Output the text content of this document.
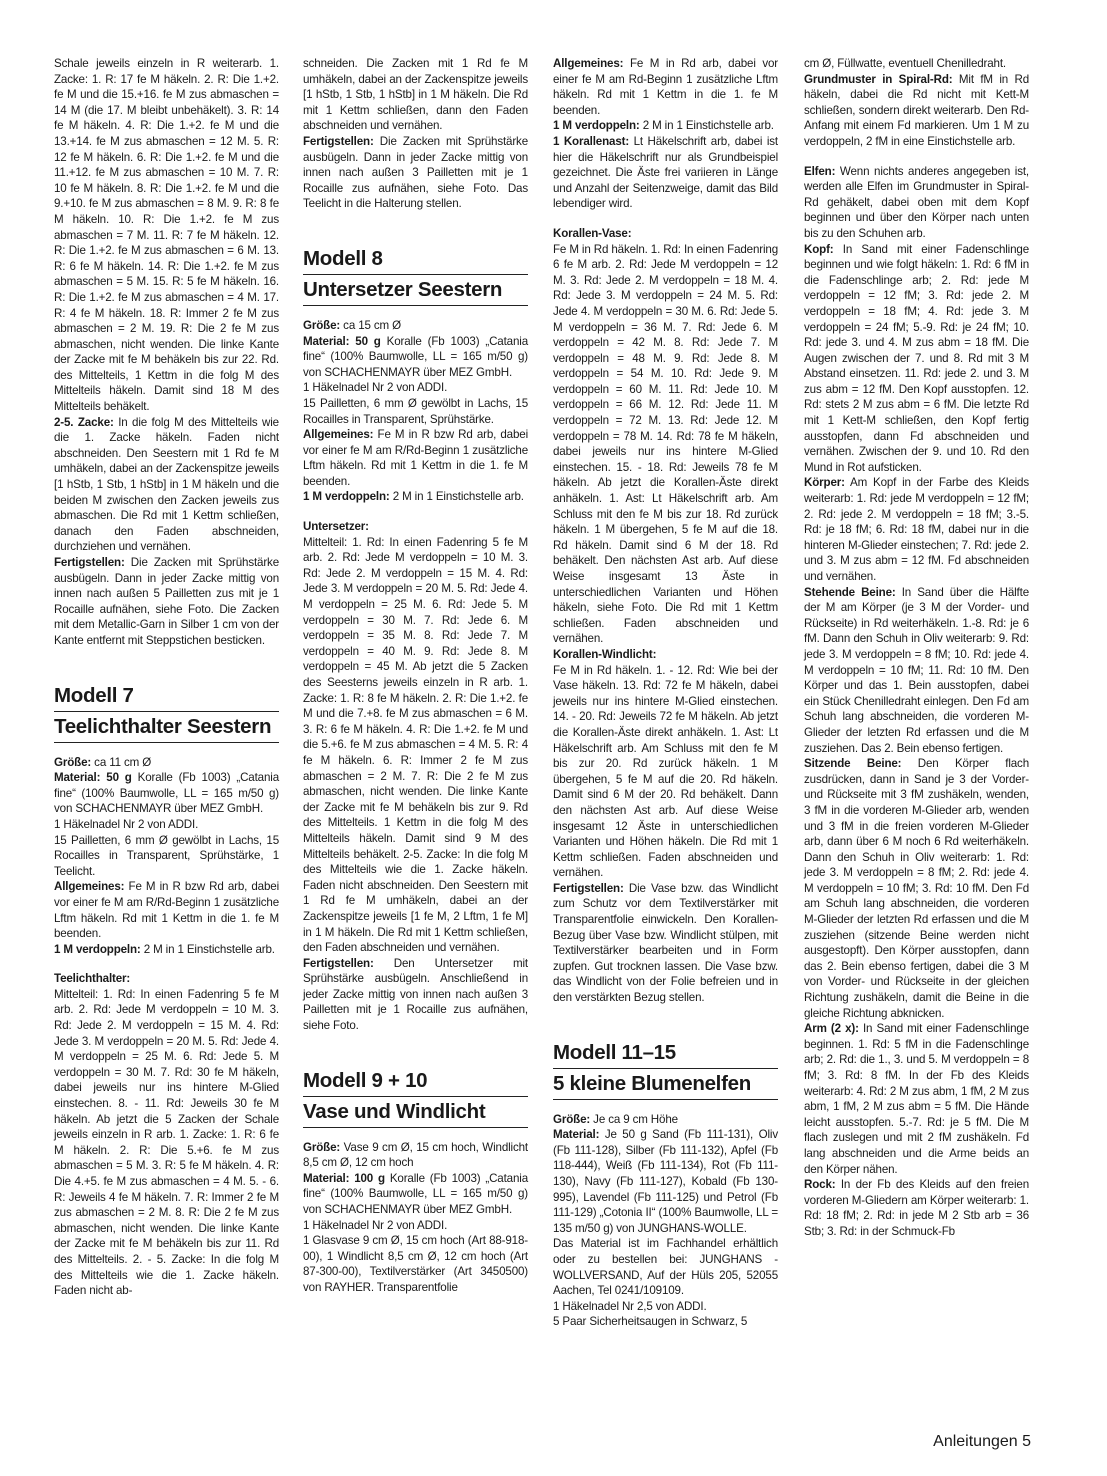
Schale jeweils einzeln in R weiterarb. 1. Zacke: 1. R: 17 fe M häkeln. 2. R: Die 1.+2. fe M und die 15.+16. fe M zus abmaschen = 14 M (die 17. M bleibt unbehäkelt). 3. R: 14 fe M häkeln. 4. R: Die 1.+2. fe M und die 13.+14. fe M zus abmaschen = 12 M. 5. R: 12 fe M häkeln. 6. R: Die 1.+2. fe M und die 11.+12. fe M zus abmaschen = 10 M. 7. R: 10 fe M häkeln. 8. R: Die 1.+2. fe M und die 9.+10. fe M zus abmaschen = 8 M. 9. R: 8 fe M häkeln. 10. R: Die 1.+2. fe M zus abmaschen = 7 M. 11. R: 7 fe M häkeln. 12. R: Die 1.+2. fe M zus abmaschen = 6 M. 13. R: 6 fe M häkeln. 14. R: Die 1.+2. fe M zus abmaschen = 5 M. 15. R: 5 fe M häkeln. 16. R: Die 1.+2. fe M zus abmaschen = 4 M. 17. R: 4 fe M häkeln. 18. R: Immer 2 fe M zus abmaschen = 2 M. 19. R: Die 2 fe M zus abmaschen, nicht wenden. Die linke Kante der Zacke mit fe M behäkeln bis zur 22. Rd. des Mittelteils, 1 Kettm in die folg M des Mittelteils häkeln. Damit sind 18 M des Mittelteils behäkelt.

2-5. Zacke: In die folg M des Mittelteils wie die 1. Zacke häkeln. Faden nicht abschneiden. Den Seestern mit 1 Rd fe M umhäkeln, dabei an der Zackenspitze jeweils [1 hStb, 1 Stb, 1 hStb] in 1 M häkeln und die beiden M zwischen den Zacken jeweils zus abmaschen. Die Rd mit 1 Kettm schließen, danach den Faden abschneiden, durchziehen und vernähen.

Fertigstellen: Die Zacken mit Sprühstärke ausbügeln. Dann in jeder Zacke mittig von innen nach außen 5 Pailletten zus mit je 1 Rocaille aufnähen, siehe Foto. Die Zacken mit dem Metallic-Garn in Silber 1 cm von der Kante entfernt mit Steppstichen besticken.

Modell 7
Teelichthalter Seestern

Größe: ca 11 cm Ø

Material: 50 g Koralle (Fb 1003) „Catania fine“ (100% Baumwolle, LL = 165 m/50 g) von SCHACHENMAYR über MEZ GmbH.

1 Häkelnadel Nr 2 von ADDI.

15 Pailletten, 6 mm Ø gewölbt in Lachs, 15 Rocailles in Transparent, Sprühstärke, 1 Teelicht.

Allgemeines: Fe M in R bzw Rd arb, dabei vor einer fe M am R/Rd-Beginn 1 zusätzliche Lftm häkeln. Rd mit 1 Kettm in die 1. fe M beenden.

1 M verdoppeln: 2 M in 1 Einstichstelle arb.

Teelichthalter:

Mittelteil: 1. Rd: In einen Fadenring 5 fe M arb. 2. Rd: Jede M verdoppeln = 10 M. 3. Rd: Jede 2. M verdoppeln = 15 M. 4. Rd: Jede 3. M verdoppeln = 20 M. 5. Rd: Jede 4. M verdoppeln = 25 M. 6. Rd: Jede 5. M verdoppeln = 30 M. 7. Rd: 30 fe M häkeln, dabei jeweils nur ins hintere M-Glied einstechen. 8. - 11. Rd: Jeweils 30 fe M häkeln. Ab jetzt die 5 Zacken der Schale jeweils einzeln in R arb. 1. Zacke: 1. R: 6 fe M häkeln. 2. R: Die 5.+6. fe M zus abmaschen = 5 M. 3. R: 5 fe M häkeln. 4. R: Die 4.+5. fe M zus abmaschen = 4 M. 5. - 6. R: Jeweils 4 fe M häkeln. 7. R: Immer 2 fe M zus abmaschen = 2 M. 8. R: Die 2 fe M zus abmaschen, nicht wenden. Die linke Kante der Zacke mit fe M behäkeln bis zur 11. Rd des Mittelteils. 2. - 5. Zacke: In die folg M des Mittelteils wie die 1. Zacke häkeln. Faden nicht ab-

schneiden. Die Zacken mit 1 Rd fe M umhäkeln, dabei an der Zackenspitze jeweils [1 hStb, 1 Stb, 1 hStb] in 1 M häkeln. Die Rd mit 1 Kettm schließen, dann den Faden abschneiden und vernähen.

Fertigstellen: Die Zacken mit Sprühstärke ausbügeln. Dann in jeder Zacke mittig von innen nach außen 3 Pailletten mit je 1 Rocaille zus aufnähen, siehe Foto. Das Teelicht in die Halterung stellen.

Modell 8
Untersetzer Seestern

Größe: ca 15 cm Ø

Material: 50 g Koralle (Fb 1003) „Catania fine“ (100% Baumwolle, LL = 165 m/50 g) von SCHACHENMAYR über MEZ GmbH.

1 Häkelnadel Nr 2 von ADDI.

15 Pailletten, 6 mm Ø gewölbt in Lachs, 15 Rocailles in Transparent, Sprühstärke.

Allgemeines: Fe M in R bzw Rd arb, dabei vor einer fe M am R/Rd-Beginn 1 zusätzliche Lftm häkeln. Rd mit 1 Kettm in die 1. fe M beenden.

1 M verdoppeln: 2 M in 1 Einstichstelle arb.

Untersetzer:

Mittelteil: 1. Rd: In einen Fadenring 5 fe M arb. 2. Rd: Jede M verdoppeln = 10 M. 3. Rd: Jede 2. M verdoppeln = 15 M. 4. Rd: Jede 3. M verdoppeln = 20 M. 5. Rd: Jede 4. M verdoppeln = 25 M. 6. Rd: Jede 5. M verdoppeln = 30 M. 7. Rd: Jede 6. M verdoppeln = 35 M. 8. Rd: Jede 7. M verdoppeln = 40 M. 9. Rd: Jede 8. M verdoppeln = 45 M. Ab jetzt die 5 Zacken des Seesterns jeweils einzeln in R arb. 1. Zacke: 1. R: 8 fe M häkeln. 2. R: Die 1.+2. fe M und die 7.+8. fe M zus abmaschen = 6 M. 3. R: 6 fe M häkeln. 4. R: Die 1.+2. fe M und die 5.+6. fe M zus abmaschen = 4 M. 5. R: 4 fe M häkeln. 6. R: Immer 2 fe M zus abmaschen = 2 M. 7. R: Die 2 fe M zus abmaschen, nicht wenden. Die linke Kante der Zacke mit fe M behäkeln bis zur 9. Rd des Mittelteils. 1 Kettm in die folg M des Mittelteils häkeln. Damit sind 9 M des Mittelteils behäkelt. 2-5. Zacke: In die folg M des Mittelteils wie die 1. Zacke häkeln. Faden nicht abschneiden. Den Seestern mit 1 Rd fe M umhäkeln, dabei an der Zackenspitze jeweils [1 fe M, 2 Lftm, 1 fe M] in 1 M häkeln. Die Rd mit 1 Kettm schließen, den Faden abschneiden und vernähen.

Fertigstellen: Den Untersetzer mit Sprühstärke ausbügeln. Anschließend in jeder Zacke mittig von innen nach außen 3 Pailletten mit je 1 Rocaille zus aufnähen, siehe Foto.

Modell 9 + 10
Vase und Windlicht

Größe: Vase 9 cm Ø, 15 cm hoch, Windlicht 8,5 cm Ø, 12 cm hoch

Material: 100 g Koralle (Fb 1003) „Catania fine“ (100% Baumwolle, LL = 165 m/50 g) von SCHACHENMAYR über MEZ GmbH.

1 Häkelnadel Nr 2 von ADDI.

1 Glasvase 9 cm Ø, 15 cm hoch (Art 88-918-00), 1 Windlicht 8,5 cm Ø, 12 cm hoch (Art 87-300-00), Textilverstärker (Art 3450500) von RAYHER. Transparentfolie

Allgemeines: Fe M in Rd arb, dabei vor einer fe M am Rd-Beginn 1 zusätzliche Lftm häkeln. Rd mit 1 Kettm in die 1. fe M beenden.

1 M verdoppeln: 2 M in 1 Einstichstelle arb.

1 Korallenast: Lt Häkelschrift arb, dabei ist hier die Häkelschrift nur als Grundbeispiel gezeichnet. Die Äste frei variieren in Länge und Anzahl der Seitenzweige, damit das Bild lebendiger wird.

Korallen-Vase:

Fe M in Rd häkeln. 1. Rd: In einen Fadenring 6 fe M arb. 2. Rd: Jede M verdoppeln = 12 M. 3. Rd: Jede 2. M verdoppeln = 18 M. 4. Rd: Jede 3. M verdoppeln = 24 M. 5. Rd: Jede 4. M verdoppeln = 30 M. 6. Rd: Jede 5. M verdoppeln = 36 M. 7. Rd: Jede 6. M verdoppeln = 42 M. 8. Rd: Jede 7. M verdoppeln = 48 M. 9. Rd: Jede 8. M verdoppeln = 54 M. 10. Rd: Jede 9. M verdoppeln = 60 M. 11. Rd: Jede 10. M verdoppeln = 66 M. 12. Rd: Jede 11. M verdoppeln = 72 M. 13. Rd: Jede 12. M verdoppeln = 78 M. 14. Rd: 78 fe M häkeln, dabei jeweils nur ins hintere M-Glied einstechen. 15. - 18. Rd: Jeweils 78 fe M häkeln. Ab jetzt die Korallen-Äste direkt anhäkeln. 1. Ast: Lt Häkelschrift arb. Am Schluss mit den fe M bis zur 18. Rd zurück häkeln. 1 M übergehen, 5 fe M auf die 18. Rd häkeln. Damit sind 6 M der 18. Rd behäkelt. Den nächsten Ast arb. Auf diese Weise insgesamt 13 Äste in unterschiedlichen Varianten und Höhen häkeln, siehe Foto. Die Rd mit 1 Kettm schließen. Faden abschneiden und vernähen.

Korallen-Windlicht:

Fe M in Rd häkeln. 1. - 12. Rd: Wie bei der Vase häkeln. 13. Rd: 72 fe M häkeln, dabei jeweils nur ins hintere M-Glied einstechen. 14. - 20. Rd: Jeweils 72 fe M häkeln. Ab jetzt die Korallen-Äste direkt anhäkeln. 1. Ast: Lt Häkelschrift arb. Am Schluss mit den fe M bis zur 20. Rd zurück häkeln. 1 M übergehen, 5 fe M auf die 20. Rd häkeln. Damit sind 6 M der 20. Rd behäkelt. Dann den nächsten Ast arb. Auf diese Weise insgesamt 12 Äste in unterschiedlichen Varianten und Höhen häkeln. Die Rd mit 1 Kettm schließen. Faden abschneiden und vernähen.

Fertigstellen: Die Vase bzw. das Windlicht zum Schutz vor dem Textilverstärker mit Transparentfolie einwickeln. Den Korallen-Bezug über Vase bzw. Windlicht stülpen, mit Textilverstärker bearbeiten und in Form zupfen. Gut trocknen lassen. Die Vase bzw. das Windlicht von der Folie befreien und in den verstärkten Bezug stellen.

Modell 11–15
5 kleine Blumenelfen

Größe: Je ca 9 cm Höhe

Material: Je 50 g Sand (Fb 111-131), Oliv (Fb 111-128), Silber (Fb 111-132), Apfel (Fb 118-444), Weiß (Fb 111-134), Rot (Fb 111-130), Navy (Fb 111-127), Kobald (Fb 130-995), Lavendel (Fb 111-125) und Petrol (Fb 111-129) „Cotonia II“ (100% Baumwolle, LL = 135 m/50 g) von JUNGHANS-WOLLE.

Das Material ist im Fachhandel erhältlich oder zu bestellen bei: JUNGHANS -WOLLVERSAND, Auf der Hüls 205, 52055 Aachen, Tel 0241/109109.

1 Häkelnadel Nr 2,5 von ADDI.

5 Paar Sicherheitsaugen in Schwarz, 5

cm Ø, Füllwatte, eventuell Chenilledraht.

Grundmuster in Spiral-Rd: Mit fM in Rd häkeln, dabei die Rd nicht mit Kett-M schließen, sondern direkt weiterarb. Den Rd-Anfang mit einem Fd markieren. Um 1 M zu verdoppeln, 2 fM in eine Einstichstelle arb.

Elfen: Wenn nichts anderes angegeben ist, werden alle Elfen im Grundmuster in Spiral-Rd gehäkelt, dabei oben mit dem Kopf beginnen und über den Körper nach unten bis zu den Schuhen arb.

Kopf: In Sand mit einer Fadenschlinge beginnen und wie folgt häkeln: 1. Rd: 6 fM in die Fadenschlinge arb; 2. Rd: jede M verdoppeln = 12 fM; 3. Rd: jede 2. M verdoppeln = 18 fM; 4. Rd: jede 3. M verdoppeln = 24 fM; 5.-9. Rd: je 24 fM; 10. Rd: jede 3. und 4. M zus abm = 18 fM. Die Augen zwischen der 7. und 8. Rd mit 3 M Abstand einsetzen. 11. Rd: jede 2. und 3. M zus abm = 12 fM. Den Kopf ausstopfen. 12. Rd: stets 2 M zus abm = 6 fM. Die letzte Rd mit 1 Kett-M schließen, den Kopf fertig ausstopfen, dann Fd abschneiden und vernähen. Zwischen der 9. und 10. Rd den Mund in Rot aufsticken.

Körper: Am Kopf in der Farbe des Kleids weiterarb: 1. Rd: jede M verdoppeln = 12 fM; 2. Rd: jede 2. M verdoppeln = 18 fM; 3.-5. Rd: je 18 fM; 6. Rd: 18 fM, dabei nur in die hinteren M-Glieder einstechen; 7. Rd: jede 2. und 3. M zus abm = 12 fM. Fd abschneiden und vernähen.

Stehende Beine: In Sand über die Hälfte der M am Körper (je 3 M der Vorder- und Rückseite) in Rd weiterhäkeln. 1.-8. Rd: je 6 fM. Dann den Schuh in Oliv weiterarb: 9. Rd: jede 3. M verdoppeln = 8 fM; 10. Rd: jede 4. M verdoppeln = 10 fM; 11. Rd: 10 fM. Den Körper und das 1. Bein ausstopfen, dabei ein Stück Chenilledraht einlegen. Den Fd am Schuh lang abschneiden, die vorderen M-Glieder der letzten Rd erfassen und die M zusziehen. Das 2. Bein ebenso fertigen.

Sitzende Beine: Den Körper flach zusdrücken, dann in Sand je 3 der Vorder- und Rückseite mit 3 fM zushäkeln, wenden, 3 fM in die vorderen M-Glieder arb, wenden und 3 fM in die freien vorderen M-Glieder arb, dann über 6 M noch 6 Rd weiterhäkeln. Dann den Schuh in Oliv weiterarb: 1. Rd: jede 3. M verdoppeln = 8 fM; 2. Rd: jede 4. M verdoppeln = 10 fM; 3. Rd: 10 fM. Den Fd am Schuh lang abschneiden, die vorderen M-Glieder der letzten Rd erfassen und die M zusziehen (sitzende Beine werden nicht ausgestopft). Den Körper ausstopfen, dann das 2. Bein ebenso fertigen, dabei die 3 M von Vorder- und Rückseite in der gleichen Richtung zushäkeln, damit die Beine in die gleiche Richtung abknicken.

Arm (2 x): In Sand mit einer Fadenschlinge beginnen. 1. Rd: 5 fM in die Fadenschlinge arb; 2. Rd: die 1., 3. und 5. M verdoppeln = 8 fM; 3. Rd: 8 fM. In der Fb des Kleids weiterarb: 4. Rd: 2 M zus abm, 1 fM, 2 M zus abm, 1 fM, 2 M zus abm = 5 fM. Die Hände leicht ausstopfen. 5.-7. Rd: je 5 fM. Die M flach zuslegen und mit 2 fM zushäkeln. Fd lang abschneiden und die Arme beids an den Körper nähen.

Rock: In der Fb des Kleids auf den freien vorderen M-Gliedern am Körper weiterarb: 1. Rd: 18 fM; 2. Rd: in jede M 2 Stb arb = 36 Stb; 3. Rd: in der Schmuck-Fb

Anleitungen 5
